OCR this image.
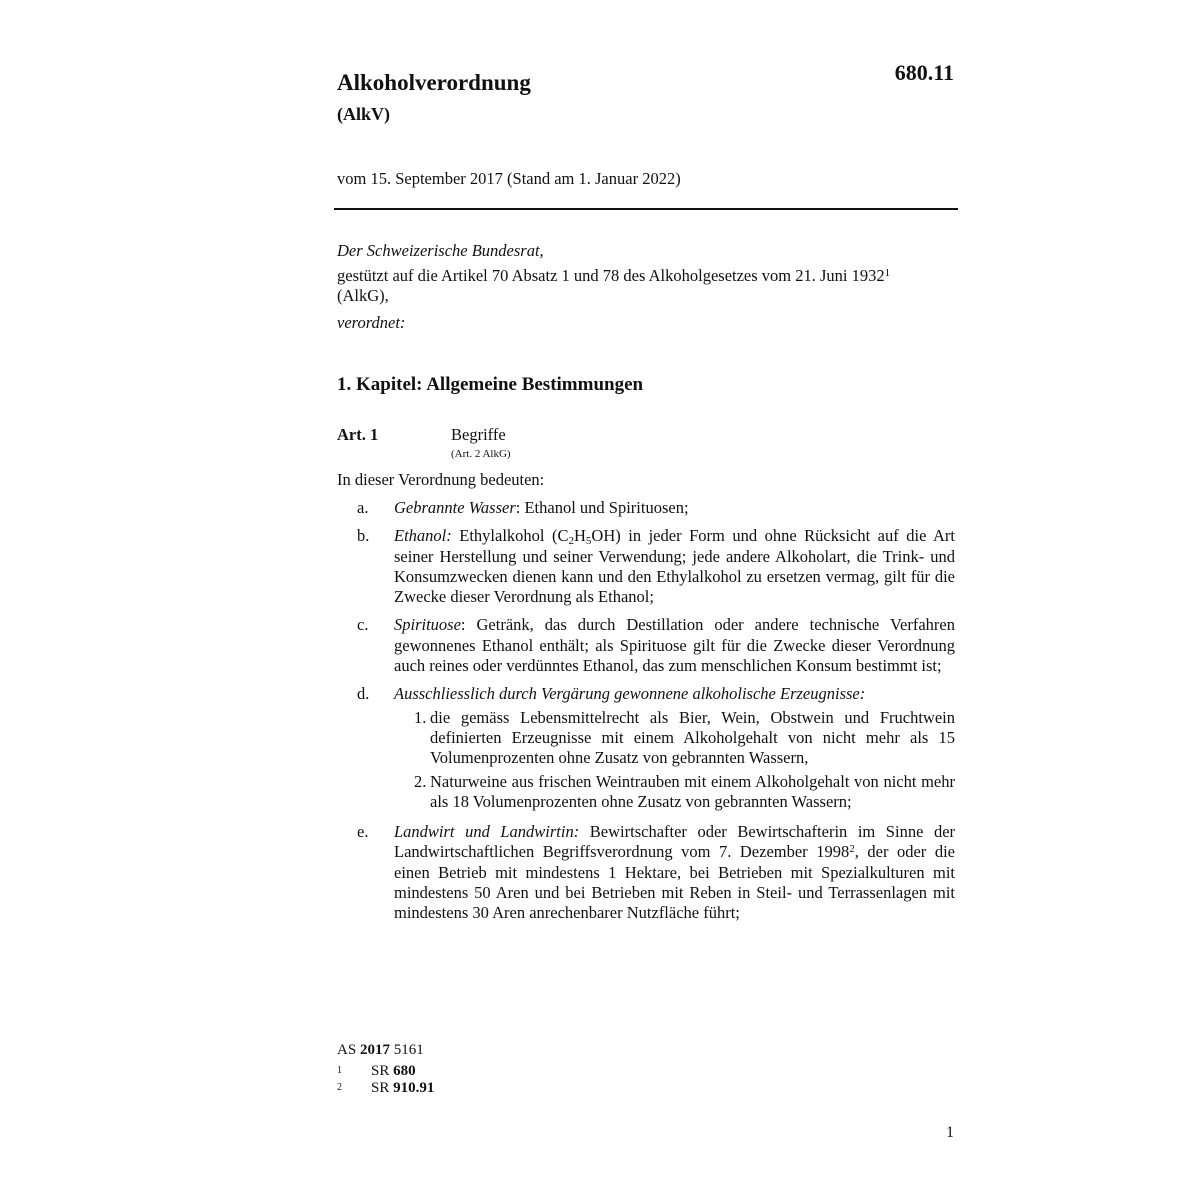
Alkoholverordnung
(AlkV)
680.11
vom 15. September 2017 (Stand am 1. Januar 2022)
Der Schweizerische Bundesrat,
gestützt auf die Artikel 70 Absatz 1 und 78 des Alkoholgesetzes vom 21. Juni 1932$^1$
(AlkG),
verordnet:
1. Kapitel: Allgemeine Bestimmungen
Art. 1	Begriffe
(Art. 2 AlkG)
In dieser Verordnung bedeuten:
a.	Gebrannte Wasser: Ethanol und Spirituosen;
b.	Ethanol: Ethylalkohol $(C_2H_5OH)$ in jeder Form und ohne Rücksicht auf die Art seiner Herstellung und seiner Verwendung; jede andere Alkoholart, die Trink- und Konsumzwecken dienen kann und den Ethylalkohol zu ersetzen vermag, gilt für die Zwecke dieser Verordnung als Ethanol;
c.	Spirituose: Getränk, das durch Destillation oder andere technische Verfahren gewonnenes Ethanol enthält; als Spirituose gilt für die Zwecke dieser Verordnung auch reines oder verdünntes Ethanol, das zum menschlichen Konsum bestimmt ist;
d.	Ausschliesslich durch Vergärung gewonnene alkoholische Erzeugnisse:
1. die gemäss Lebensmittelrecht als Bier, Wein, Obstwein und Fruchtwein definierten Erzeugnisse mit einem Alkoholgehalt von nicht mehr als 15 Volumenprozenten ohne Zusatz von gebrannten Wassern,
2. Naturweine aus frischen Weintrauben mit einem Alkoholgehalt von nicht mehr als 18 Volumenprozenten ohne Zusatz von gebrannten Wassern;
e.	Landwirt und Landwirtin: Bewirtschafter oder Bewirtschafterin im Sinne der Landwirtschaftlichen Begriffsverordnung vom 7. Dezember 1998$^2$, der oder die einen Betrieb mit mindestens 1 Hektare, bei Betrieben mit Spezialkulturen mit mindestens 50 Aren und bei Betrieben mit Reben in Steil- und Terrassenlagen mit mindestens 30 Aren anrechenbarer Nutzfläche führt;
AS 2017 5161
1	SR 680
2	SR 910.91
1
